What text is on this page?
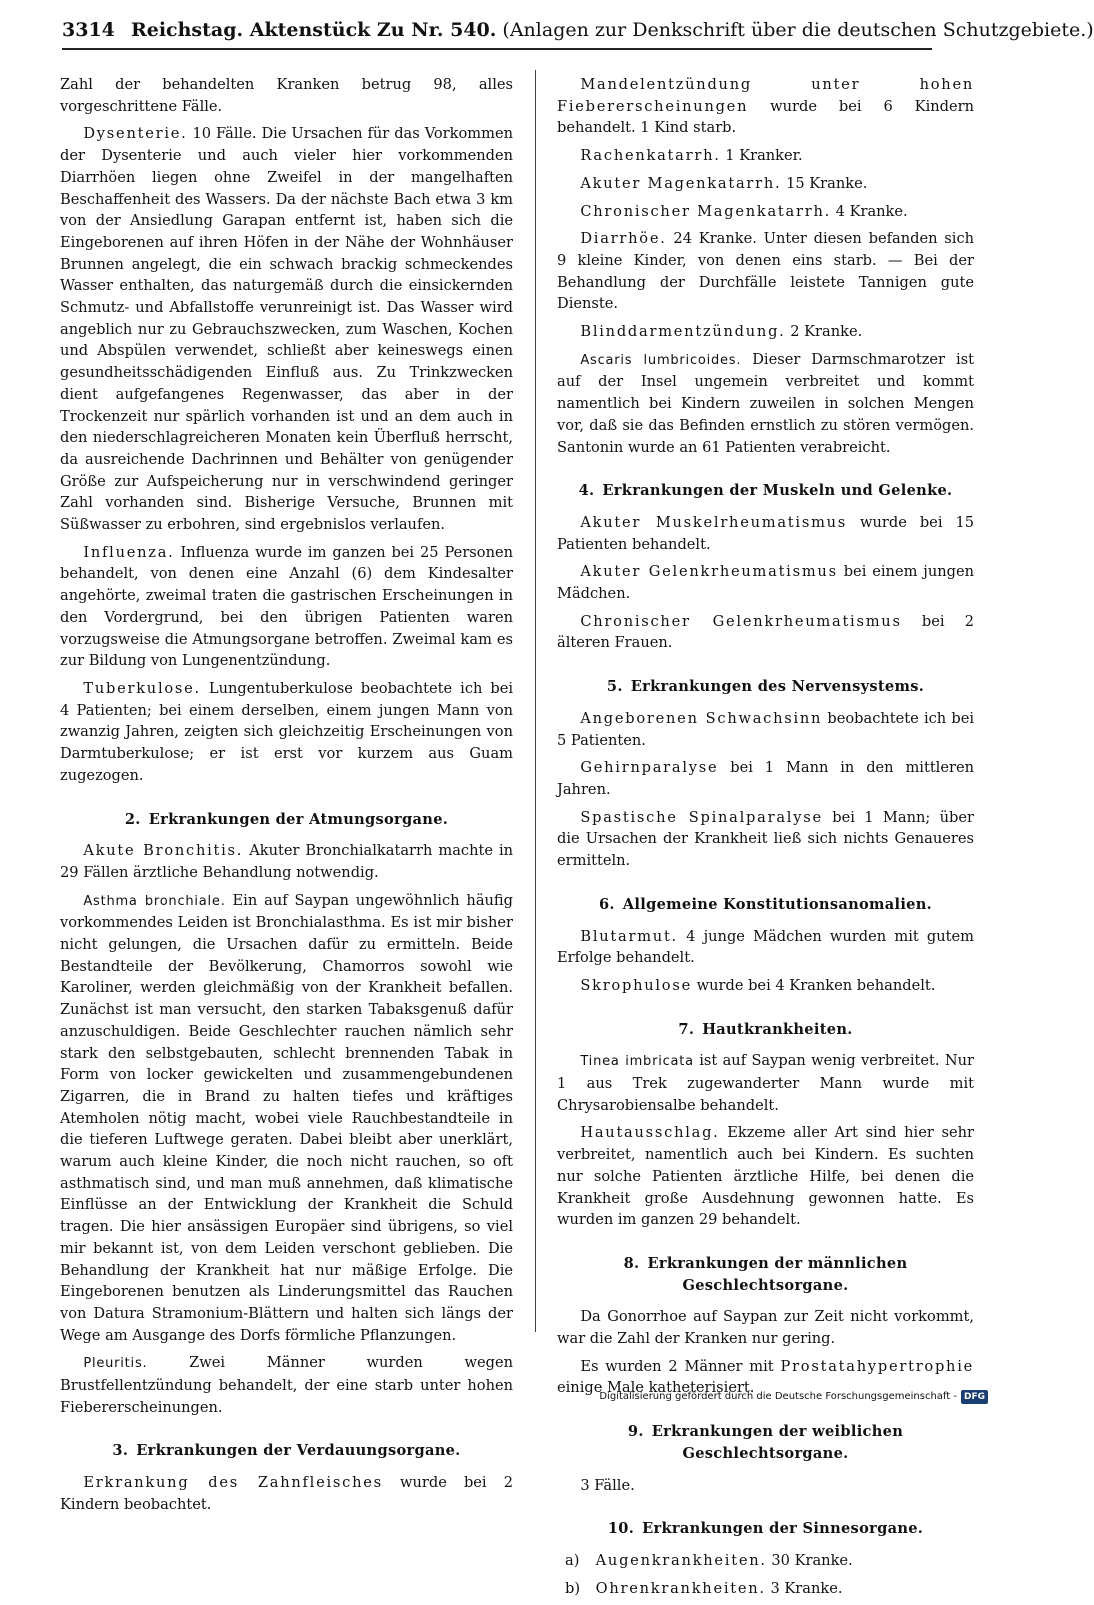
3314 Reichstag. Aktenstück Zu Nr. 540. (Anlagen zur Denkschrift über die deutschen Schutzgebiete.)

Zahl der behandelten Kranken betrug 98, alles vorgeschrittene Fälle.

Dysenterie. 10 Fälle. Die Ursachen für das Vorkommen der Dysenterie und auch vieler hier vorkommenden Diarrhöen liegen ohne Zweifel in der mangelhaften Beschaffenheit des Wassers. Da der nächste Bach etwa 3 km von der Ansiedlung Garapan entfernt ist, haben sich die Eingeborenen auf ihren Höfen in der Nähe der Wohnhäuser Brunnen angelegt, die ein schwach brackig schmeckendes Wasser enthalten, das naturgemäß durch die einsickernden Schmutz- und Abfallstoffe verunreinigt ist. Das Wasser wird angeblich nur zu Gebrauchszwecken, zum Waschen, Kochen und Abspülen verwendet, schließt aber keineswegs einen gesundheitsschädigenden Einfluß aus. Zu Trinkzwecken dient aufgefangenes Regenwasser, das aber in der Trockenzeit nur spärlich vorhanden ist und an dem auch in den niederschlagreicheren Monaten kein Überfluß herrscht, da ausreichende Dachrinnen und Behälter von genügender Größe zur Aufspeicherung nur in verschwindend geringer Zahl vorhanden sind. Bisherige Versuche, Brunnen mit Süßwasser zu erbohren, sind ergebnislos verlaufen.

Influenza. Influenza wurde im ganzen bei 25 Personen behandelt, von denen eine Anzahl (6) dem Kindesalter angehörte, zweimal traten die gastrischen Erscheinungen in den Vordergrund, bei den übrigen Patienten waren vorzugsweise die Atmungsorgane betroffen. Zweimal kam es zur Bildung von Lungenentzündung.

Tuberkulose. Lungentuberkulose beobachtete ich bei 4 Patienten; bei einem derselben, einem jungen Mann von zwanzig Jahren, zeigten sich gleichzeitig Erscheinungen von Darmtuberkulose; er ist erst vor kurzem aus Guam zugezogen.

2. Erkrankungen der Atmungsorgane.

Akute Bronchitis. Akuter Bronchialkatarrh machte in 29 Fällen ärztliche Behandlung notwendig.

Asthma bronchiale. Ein auf Saypan ungewöhnlich häufig vorkommendes Leiden ist Bronchialasthma. Es ist mir bisher nicht gelungen, die Ursachen dafür zu ermitteln. Beide Bestandteile der Bevölkerung, Chamorros sowohl wie Karoliner, werden gleichmäßig von der Krankheit befallen. Zunächst ist man versucht, den starken Tabaksgenuß dafür anzuschuldigen. Beide Geschlechter rauchen nämlich sehr stark den selbstgebauten, schlecht brennenden Tabak in Form von locker gewickelten und zusammengebundenen Zigarren, die in Brand zu halten tiefes und kräftiges Atemholen nötig macht, wobei viele Rauchbestandteile in die tieferen Luftwege geraten. Dabei bleibt aber unerklärt, warum auch kleine Kinder, die noch nicht rauchen, so oft asthmatisch sind, und man muß annehmen, daß klimatische Einflüsse an der Entwicklung der Krankheit die Schuld tragen. Die hier ansässigen Europäer sind übrigens, so viel mir bekannt ist, von dem Leiden verschont geblieben. Die Behandlung der Krankheit hat nur mäßige Erfolge. Die Eingeborenen benutzen als Linderungsmittel das Rauchen von Datura Stramonium-Blättern und halten sich längs der Wege am Ausgange des Dorfs förmliche Pflanzungen.

Pleuritis.	Zwei Männer wurden wegen Brustfellentzündung behandelt, der eine starb unter hohen Fiebererscheinungen.

3. Erkrankungen der Verdauungsorgane.

Erkrankung des Zahnfleisches wurde bei 2 Kindern beobachtet.

Mandelentzündung unter hohen Fiebererscheinungen wurde bei 6 Kindern behandelt. 1 Kind starb.

Rachenkatarrh. 1 Kranker.

Akuter Magenkatarrh. 15 Kranke.

Chronischer Magenkatarrh. 4 Kranke.

Diarrhöe. 24 Kranke. Unter diesen befanden sich 9 kleine Kinder, von denen eins starb. — Bei der Behandlung der Durchfälle leistete Tannigen gute Dienste.

Blinddarmentzündung. 2 Kranke.

Ascaris lumbricoides. Dieser Darmschmarotzer ist auf der Insel ungemein verbreitet und kommt namentlich bei Kindern zuweilen in solchen Mengen vor, daß sie das Befinden ernstlich zu stören vermögen. Santonin wurde an 61 Patienten verabreicht.

4. Erkrankungen der Muskeln und Gelenke.

Akuter Muskelrheumatismus wurde bei 15 Patienten behandelt.

Akuter Gelenkrheumatismus bei einem jungen Mädchen.

Chronischer Gelenkrheumatismus bei 2 älteren Frauen.

5. Erkrankungen des Nervensystems.

Angeborenen Schwachsinn beobachtete ich bei 5 Patienten.

Gehirnparalyse bei 1 Mann in den mittleren Jahren.

Spastische Spinalparalyse bei 1 Mann; über die Ursachen der Krankheit ließ sich nichts Genaueres ermitteln.

6. Allgemeine Konstitutionsanomalien.

Blutarmut. 4 junge Mädchen wurden mit gutem Erfolge behandelt.

Skrophulose wurde bei 4 Kranken behandelt.

7. Hautkrankheiten.

Tinea imbricata ist auf Saypan wenig verbreitet. Nur 1 aus Trek zugewanderter Mann wurde mit Chrysarobiensalbe behandelt.

Hautausschlag. Ekzeme aller Art sind hier sehr verbreitet, namentlich auch bei Kindern. Es suchten nur solche Patienten ärztliche Hilfe, bei denen die Krankheit große Ausdehnung gewonnen hatte. Es wurden im ganzen 29 behandelt.

8. Erkrankungen der männlichen Geschlechtsorgane.

Da Gonorrhoe auf Saypan zur Zeit nicht vorkommt, war die Zahl der Kranken nur gering.

Es wurden 2 Männer mit Prostatahypertrophie einige Male katheterisiert.

9. Erkrankungen der weiblichen Geschlechtsorgane.

3 Fälle.

10. Erkrankungen der Sinnesorgane.
a) Augenkrankheiten. 30 Kranke.
b) Ohrenkrankheiten. 3 Kranke.
Digitalisierung gefördert durch die Deutsche Forschungsgemeinschaft - DFG
